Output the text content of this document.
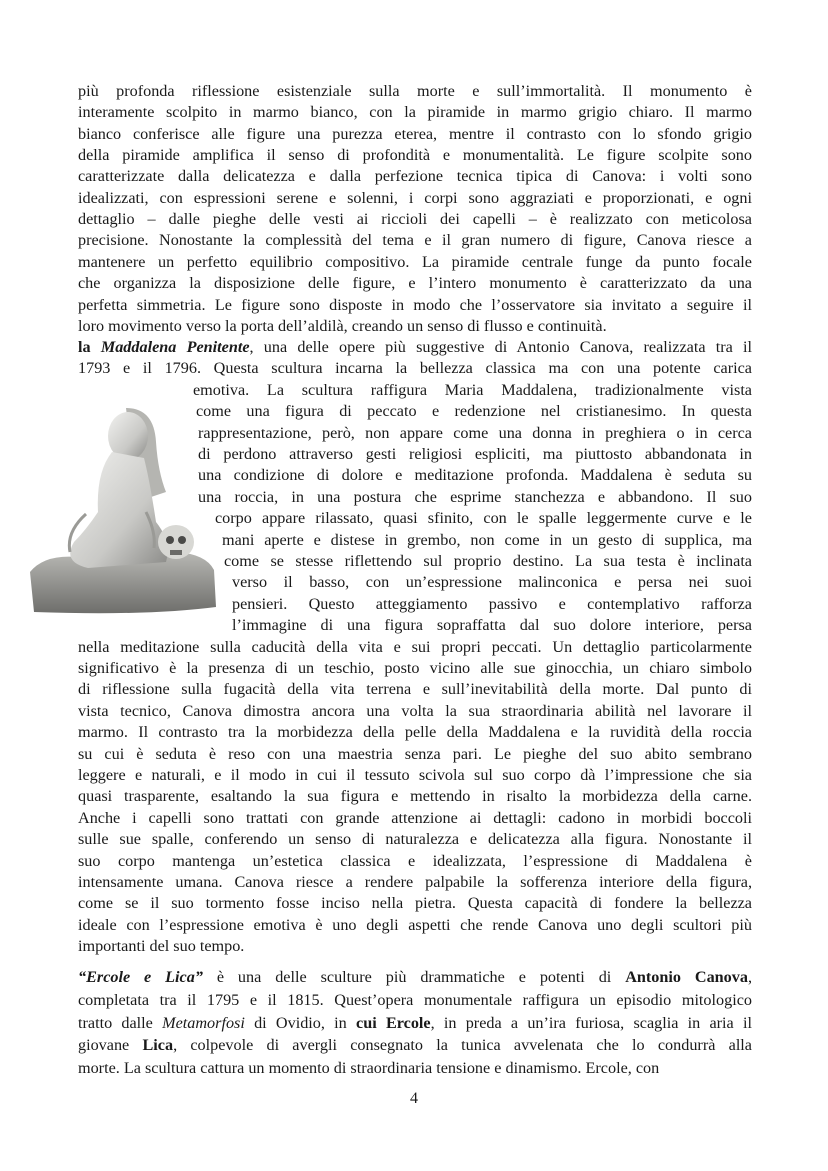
più profonda riflessione esistenziale sulla morte e sull’immortalità. Il monumento è
interamente scolpito in marmo bianco, con la piramide in marmo grigio chiaro. Il marmo
bianco conferisce alle figure una purezza eterea, mentre il contrasto con lo sfondo grigio
della piramide amplifica il senso di profondità e monumentalità. Le figure scolpite sono
caratterizzate dalla delicatezza e dalla perfezione tecnica tipica di Canova: i volti sono
idealizzati, con espressioni serene e solenni, i corpi sono aggraziati e proporzionati, e ogni
dettaglio – dalle pieghe delle vesti ai riccioli dei capelli – è realizzato con meticolosa
precisione. Nonostante la complessità del tema e il gran numero di figure, Canova riesce a
mantenere un perfetto equilibrio compositivo. La piramide centrale funge da punto focale
che organizza la disposizione delle figure, e l’intero monumento è caratterizzato da una
perfetta simmetria. Le figure sono disposte in modo che l’osservatore sia invitato a seguire il
loro movimento verso la porta dell’aldilà, creando un senso di flusso e continuità.
la Maddalena Penitente, una delle opere più suggestive di Antonio Canova, realizzata tra il
1793 e il 1796. Questa scultura incarna la bellezza classica ma con una potente carica
emotiva. La scultura raffigura Maria Maddalena, tradizionalmente vista
come una figura di peccato e redenzione nel cristianesimo. In questa
rappresentazione, però, non appare come una donna in preghiera o in cerca
di perdono attraverso gesti religiosi espliciti, ma piuttosto abbandonata in
una condizione di dolore e meditazione profonda. Maddalena è seduta su
una roccia, in una postura che esprime stanchezza e abbandono. Il suo
corpo appare rilassato, quasi sfinito, con le spalle leggermente curve e le
mani aperte e distese in grembo, non come in un gesto di supplica, ma
come se stesse riflettendo sul proprio destino. La sua testa è inclinata
verso il basso, con un’espressione malinconica e persa nei suoi
pensieri. Questo atteggiamento passivo e contemplativo rafforza
l’immagine di una figura sopraffatta dal suo dolore interiore, persa
nella meditazione sulla caducità della vita e sui propri peccati. Un dettaglio particolarmente
significativo è la presenza di un teschio, posto vicino alle sue ginocchia, un chiaro simbolo
di riflessione sulla fugacità della vita terrena e sull’inevitabilità della morte. Dal punto di
vista tecnico, Canova dimostra ancora una volta la sua straordinaria abilità nel lavorare il
marmo. Il contrasto tra la morbidezza della pelle della Maddalena e la ruvidità della roccia
su cui è seduta è reso con una maestria senza pari. Le pieghe del suo abito sembrano
leggere e naturali, e il modo in cui il tessuto scivola sul suo corpo dà l’impressione che sia
quasi trasparente, esaltando la sua figura e mettendo in risalto la morbidezza della carne.
Anche i capelli sono trattati con grande attenzione ai dettagli: cadono in morbidi boccoli
sulle sue spalle, conferendo un senso di naturalezza e delicatezza alla figura. Nonostante il
suo corpo mantenga un’estetica classica e idealizzata, l’espressione di Maddalena è
intensamente umana. Canova riesce a rendere palpabile la sofferenza interiore della figura,
come se il suo tormento fosse inciso nella pietra. Questa capacità di fondere la bellezza
ideale con l’espressione emotiva è uno degli aspetti che rende Canova uno degli scultori più
importanti del suo tempo.
“Ercole e Lica” è una delle sculture più drammatiche e potenti di Antonio Canova,
completata tra il 1795 e il 1815. Quest’opera monumentale raffigura un episodio mitologico
tratto dalle Metamorfosi di Ovidio, in cui Ercole, in preda a un’ira furiosa, scaglia in aria il
giovane Lica, colpevole di avergli consegnato la tunica avvelenata che lo condurrà alla
morte. La scultura cattura un momento di straordinaria tensione e dinamismo. Ercole, con
4
